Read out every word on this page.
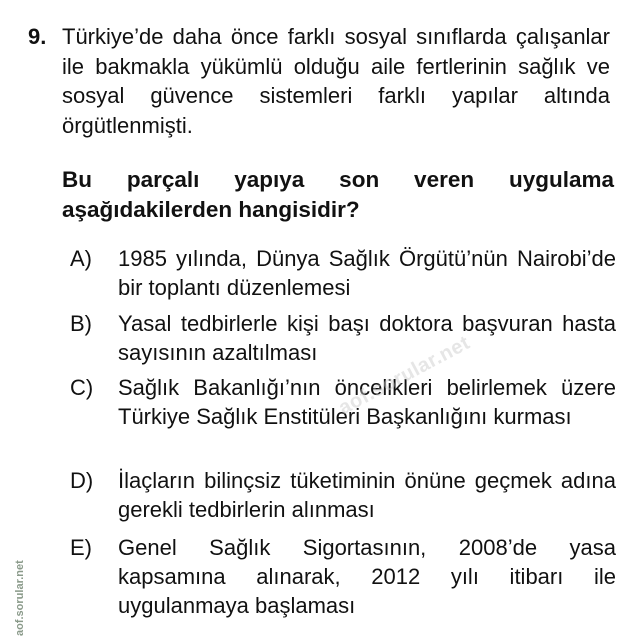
9. Türkiye’de daha önce farklı sosyal sınıflarda çalışanlar ile bakmakla yükümlü olduğu aile fertlerinin sağlık ve sosyal güvence sistemleri farklı yapılar altında örgütlenmişti.
Bu parçalı yapıya son veren uygulama aşağıdakilerden hangisidir?
A)	1985 yılında, Dünya Sağlık Örgütü’nün Nairobi’de bir toplantı düzenlemesi
B)	Yasal tedbirlerle kişi başı doktora başvuran hasta sayısının azaltılması
C)	Sağlık Bakanlığı’nın öncelikleri belirlemek üzere Türkiye Sağlık Enstitüleri Başkanlığını kurması
D)	İlaçların bilinçsiz tüketiminin önüne geçmek adına gerekli tedbirlerin alınması
E)	Genel Sağlık Sigortasının, 2008’de yasa kapsamına alınarak, 2012 yılı itibarı ile uygulanmaya başlaması
aof.sorular.net
aof.sorular.net
